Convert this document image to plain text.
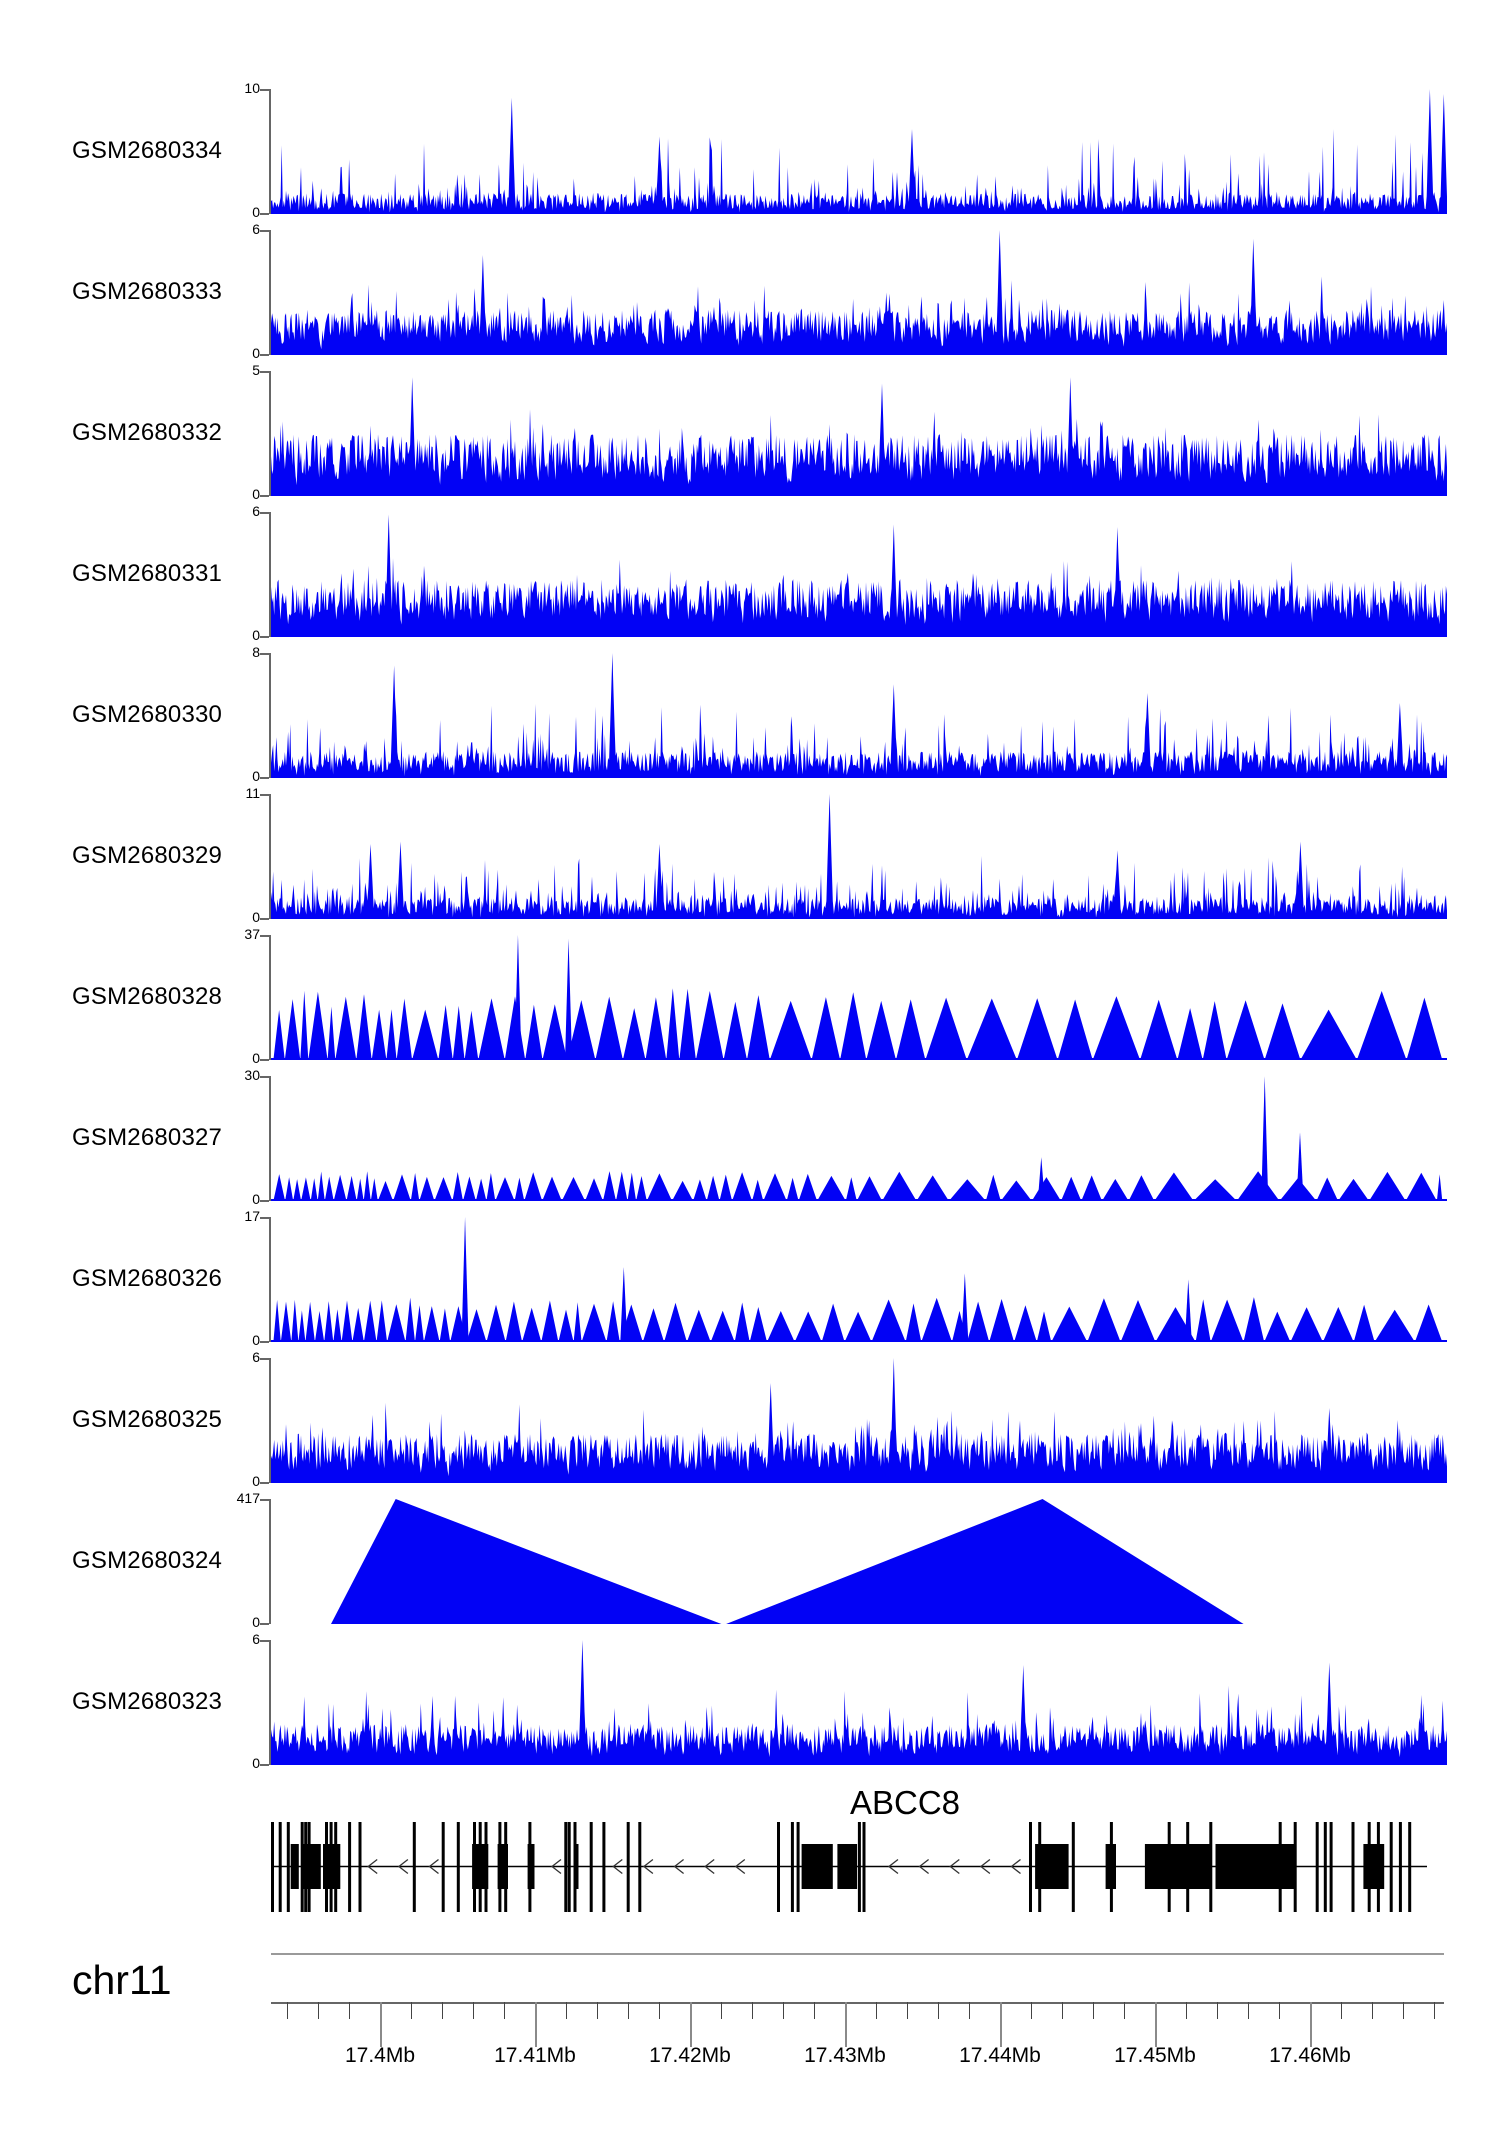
GSM2680334
10
0
GSM2680333
6
0
GSM2680332
5
0
GSM2680331
6
0
GSM2680330
8
0
GSM2680329
11
0
GSM2680328
37
0
GSM2680327
30
0
GSM2680326
17
0
GSM2680325
6
0
GSM2680324
417
0
GSM2680323
6
0
ABCC8
chr11
17.4Mb	17.41Mb	17.42Mb	17.43Mb	17.44Mb	17.45Mb	17.46Mb
